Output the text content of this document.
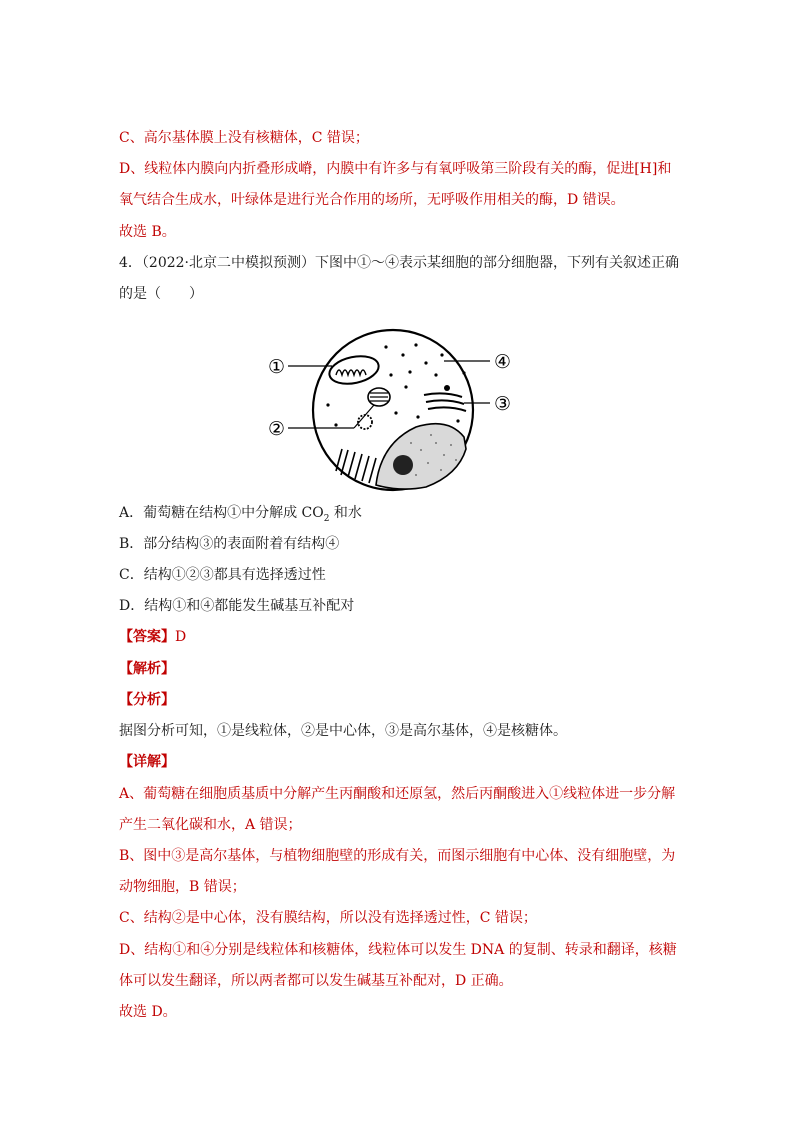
C、高尔基体膜上没有核糖体，C 错误；
D、线粒体内膜向内折叠形成嵴，内膜中有许多与有氧呼吸第三阶段有关的酶，促进[H]和
氧气结合生成水，叶绿体是进行光合作用的场所，无呼吸作用相关的酶，D 错误。
故选 B。
4．（2022·北京二中模拟预测）下图中①～④表示某细胞的部分细胞器，下列有关叙述正确
的是（　　）
①
②
③
④
A．葡萄糖在结构①中分解成 $CO_2$ 和水
B．部分结构③的表面附着有结构④
C．结构①②③都具有选择透过性
D．结构①和④都能发生碱基互补配对
【答案】D
【解析】
【分析】
据图分析可知，①是线粒体，②是中心体，③是高尔基体，④是核糖体。
【详解】
A、葡萄糖在细胞质基质中分解产生丙酮酸和还原氢，然后丙酮酸进入①线粒体进一步分解
产生二氧化碳和水，A 错误；
B、图中③是高尔基体，与植物细胞壁的形成有关，而图示细胞有中心体、没有细胞壁，为
动物细胞，B 错误；
C、结构②是中心体，没有膜结构，所以没有选择透过性，C 错误；
D、结构①和④分别是线粒体和核糖体，线粒体可以发生 DNA 的复制、转录和翻译，核糖
体可以发生翻译，所以两者都可以发生碱基互补配对，D 正确。
故选 D。
